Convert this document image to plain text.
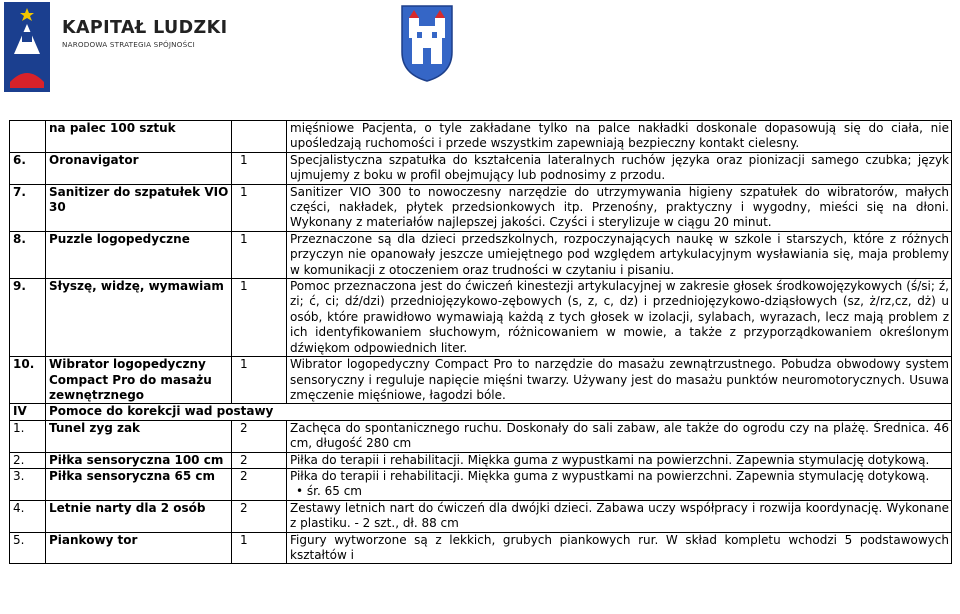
KAPITAŁ LUDZKI
NARODOWA STRATEGIA SPÓJNOŚCI
	na palec 100 sztuk		mięśniowe Pacjenta, o tyle zakładane tylko na palce nakładki doskonale dopasowują się do ciała, nie upośledzają ruchomości i przede wszystkim zapewniają bezpieczny kontakt cielesny.
6.	Oronavigator	1	Specjalistyczna szpatułka do kształcenia lateralnych ruchów języka oraz pionizacji samego czubka; język ujmujemy z boku w profil obejmujący lub podnosimy z przodu.
7.	Sanitizer do szpatułek VIO 30	1	Sanitizer VIO 300 to nowoczesny narzędzie do utrzymywania higieny szpatułek do wibratorów, małych części, nakładek, płytek przedsionkowych itp. Przenośny, praktyczny i wygodny, mieści się na dłoni. Wykonany z materiałów najlepszej jakości. Czyści i sterylizuje w ciągu 20 minut.
8.	Puzzle logopedyczne	1	Przeznaczone są dla dzieci przedszkolnych, rozpoczynających naukę w szkole i starszych, które z różnych przyczyn nie opanowały jeszcze umiejętnego pod względem artykulacyjnym wysławiania się, maja problemy w komunikacji z otoczeniem oraz trudności w czytaniu i pisaniu.
9.	Słyszę, widzę, wymawiam	1	Pomoc przeznaczona jest do ćwiczeń kinestezji artykulacyjnej w zakresie głosek środkowojęzykowych (ś/si; ź, zi; ć, ci; dź/dzi) przedniojęzykowo-zębowych (s, z, c, dz) i przedniojęzykowo-dziąsłowych (sz, ż/rz,cz, dż) u osób, które prawidłowo wymawiają każdą z tych głosek w izolacji, sylabach, wyrazach, lecz mają problem z ich identyfikowaniem słuchowym, różnicowaniem w mowie, a także z przyporządkowaniem określonym dźwiękom odpowiednich liter.
10.	Wibrator logopedyczny Compact Pro do masażu zewnętrznego	1	Wibrator logopedyczny Compact Pro to narzędzie do masażu zewnątrzustnego. Pobudza obwodowy system sensoryczny i reguluje napięcie mięśni twarzy. Używany jest do masażu punktów neuromotorycznych. Usuwa zmęczenie mięśniowe, łagodzi bóle.
IV	Pomoce do korekcji wad postawy		
1.	Tunel zyg zak	2	Zachęca do spontanicznego ruchu. Doskonały do sali zabaw, ale także do ogrodu czy na plażę. Średnica. 46 cm, długość 280 cm
2.	Piłka sensoryczna 100 cm	2	Piłka do terapii i rehabilitacji. Miękka guma z wypustkami na powierzchni. Zapewnia stymulację dotykową.
3.	Piłka sensoryczna 65 cm	2	Piłka do terapii i rehabilitacji. Miękka guma z wypustkami na powierzchni. Zapewnia stymulację dotykową.
• śr. 65 cm

4.	Letnie narty dla 2 osób	2	Zestawy letnich nart do ćwiczeń dla dwójki dzieci. Zabawa uczy współpracy i rozwija koordynację. Wykonane z plastiku. - 2 szt., dł. 88 cm
5.	Piankowy tor	1	Figury wytworzone są z lekkich, grubych piankowych rur. W skład kompletu wchodzi 5 podstawowych kształtów i
